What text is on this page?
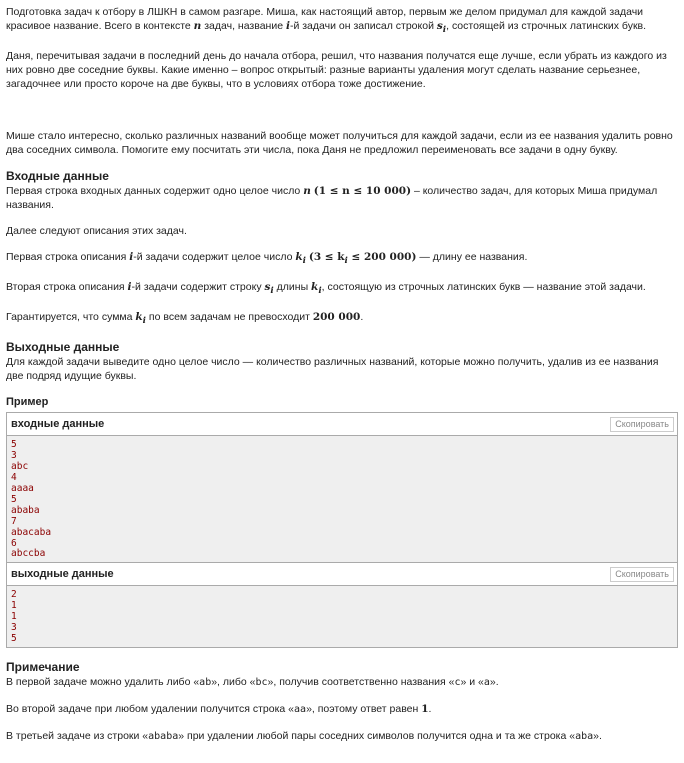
Подготовка задач к отбору в ЛШКН в самом разгаре. Миша, как настоящий автор, первым же делом придумал для каждой задачи красивое название. Всего в контексте n задач, название i-й задачи он записал строкой $s_i$, состоящей из строчных латинских букв.

Даня, перечитывая задачи в последний день до начала отбора, решил, что названия получатся еще лучше, если убрать из каждого из них ровно две соседние буквы. Какие именно – вопрос открытый: разные варианты удаления могут сделать название серьезнее, загадочнее или просто короче на две буквы, что в условиях отбора тоже достижение.

Мише стало интересно, сколько различных названий вообще может получиться для каждой задачи, если из ее названия удалить ровно два соседних символа. Помогите ему посчитать эти числа, пока Даня не предложил переименовать все задачи в одну букву.

Входные данные

Первая строка входных данных содержит одно целое число n (1 ≤ n ≤ 10 000) – количество задач, для которых Миша придумал названия.

Далее следуют описания этих задач.

Первая строка описания i-й задачи содержит целое число $k_i$ ($3 \le k_i \le 200$ 000) — длину ее названия.

Вторая строка описания i-й задачи содержит строку $s_i$ длины $k_i$, состоящую из строчных латинских букв — название этой задачи.

Гарантируется, что сумма $k_i$ по всем задачам не превосходит 200 000.

Выходные данные

Для каждой задачи выведите одно целое число — количество различных названий, которые можно получить, удалив из ее названия две подряд идущие буквы.

Пример
входные данные	Скопировать
5
3
abc
4
aaaa
5
ababa
7
abacaba
6
abccba
выходные данные	Скопировать
2
1
1
3
5
Примечание

В первой задаче можно удалить либо «ab», либо «bc», получив соответственно названия «c» и «a».

Во второй задаче при любом удалении получится строка «aa», поэтому ответ равен 1.

В третьей задаче из строки «ababa» при удалении любой пары соседних символов получится одна и та же строка «aba».
